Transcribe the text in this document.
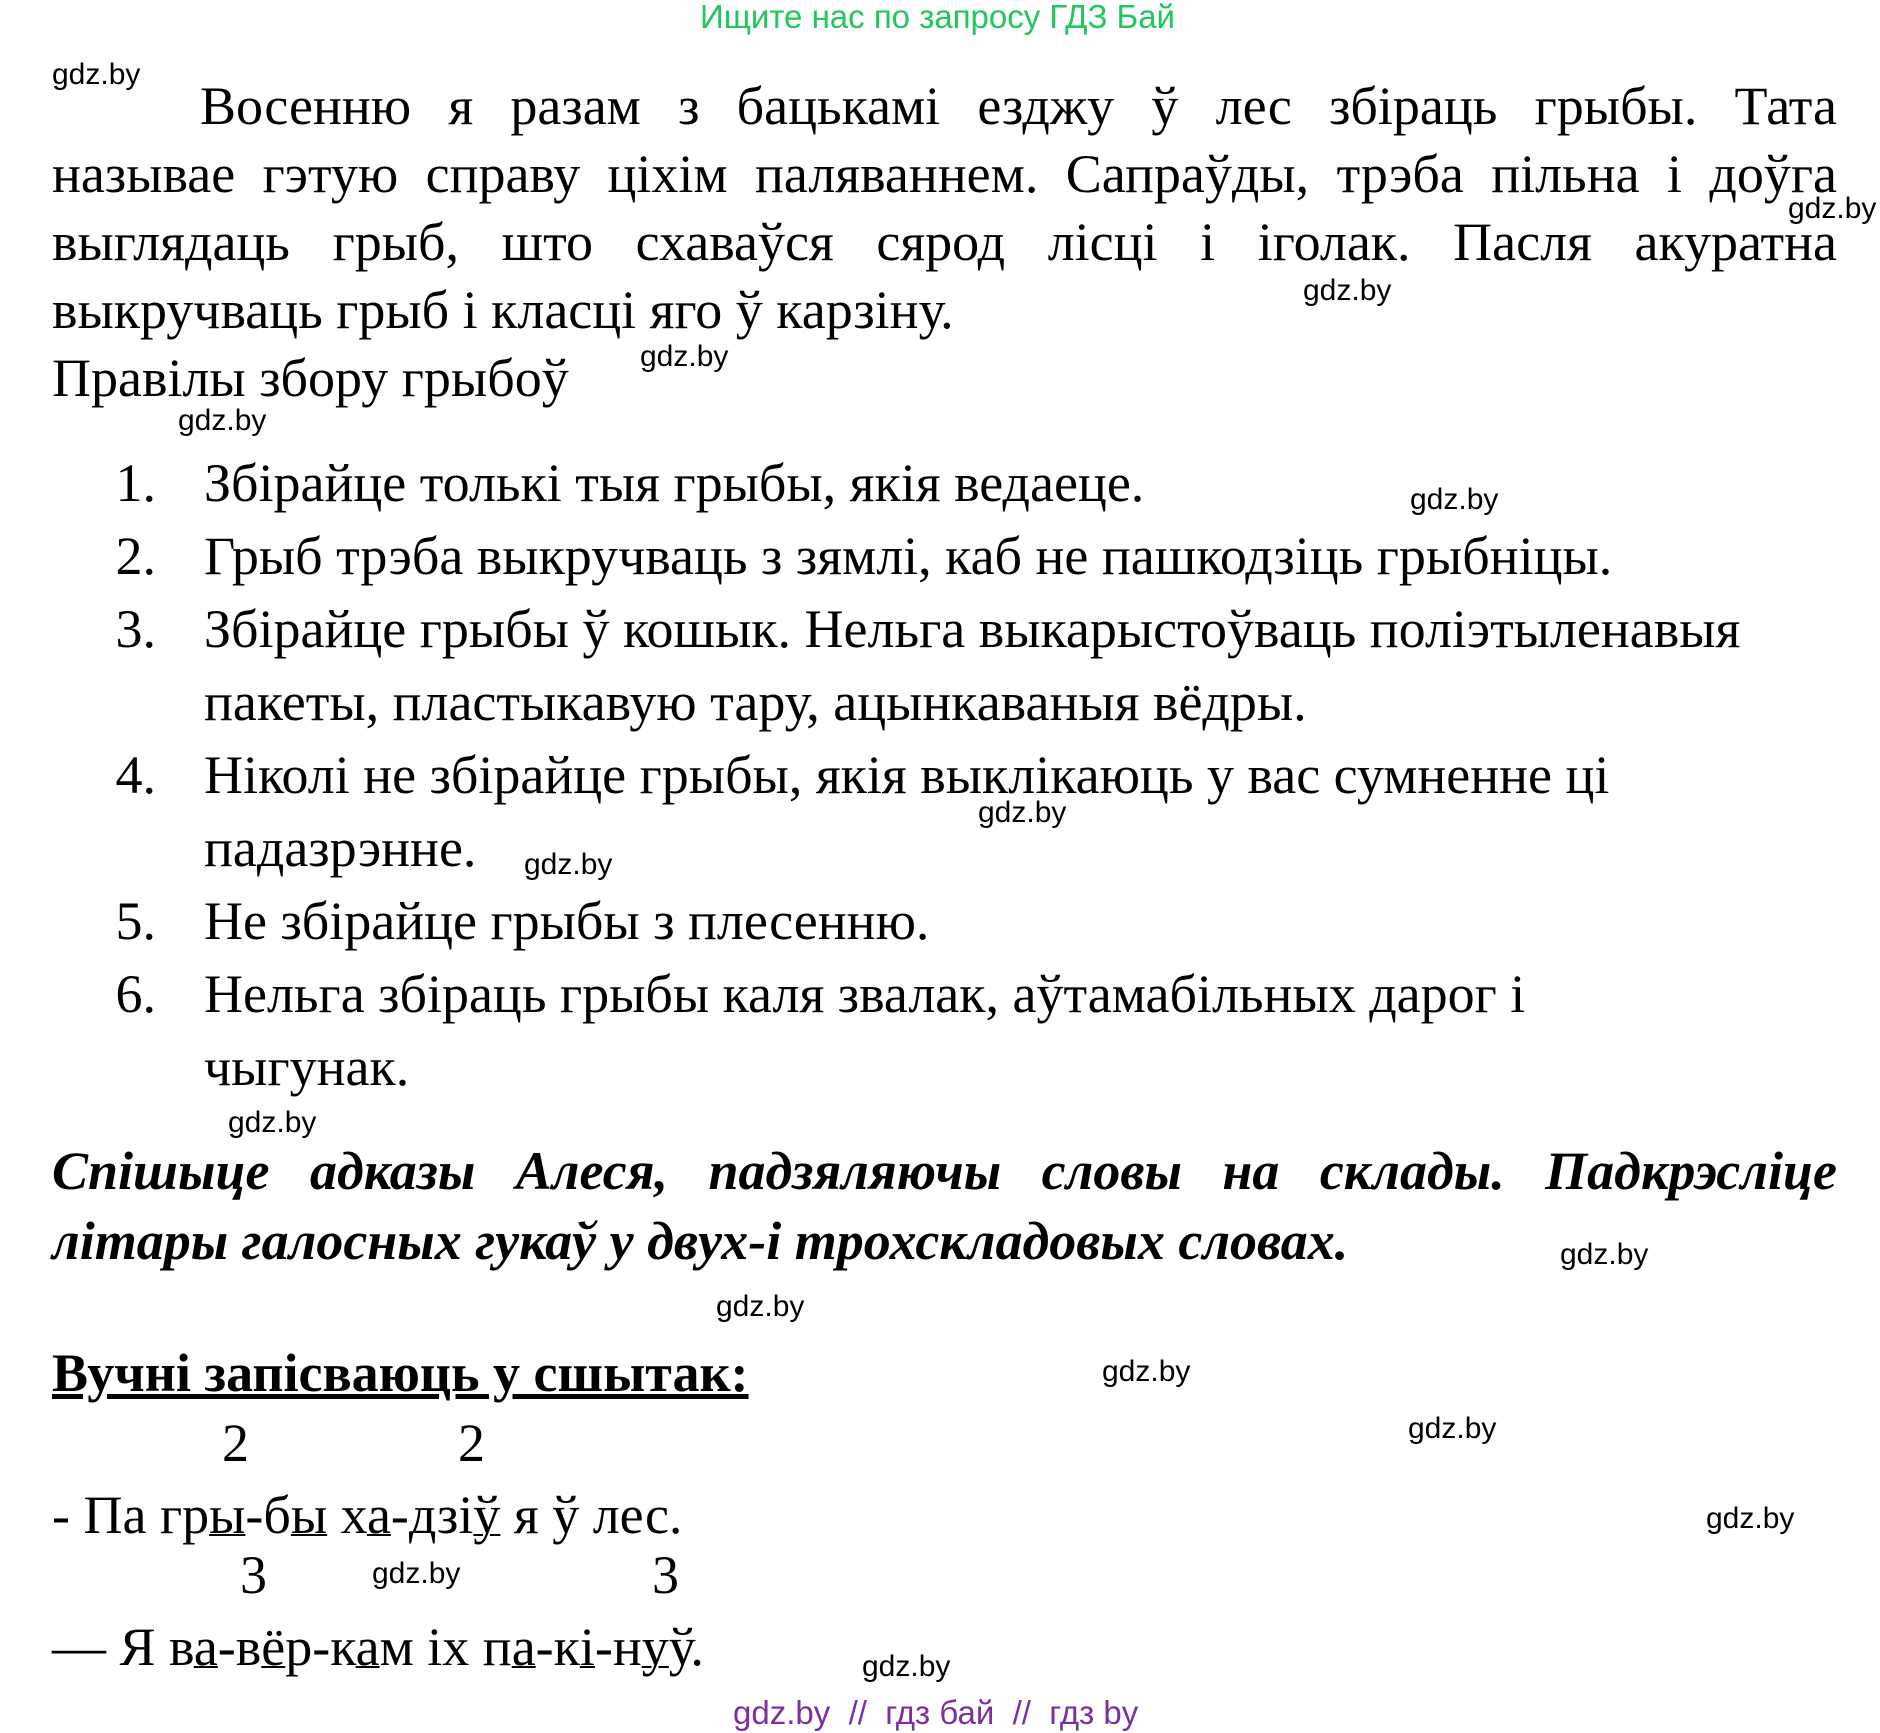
Ищите нас по запросу ГДЗ Бай
Восенню я разам з бацькамі езджу ў лес збіраць грыбы. Тата
называе гэтую справу ціхім паляваннем. Сапраўды, трэба пільна і доўга
выглядаць грыб, што схаваўся сярод лісці і іголак. Пасля акуратна
выкручваць грыб і класці яго ў карзіну.
Правілы збору грыбоў
1. Збірайце толькі тыя грыбы, якія ведаеце.
2. Грыб трэба выкручваць з зямлі, каб не пашкодзіць грыбніцы.
3. Збірайце грыбы ў кошык. Нельга выкарыстоўваць поліэтыленавыя пакеты, пластыкавую тару, ацынкаваныя вёдры.
4. Ніколі не збірайце грыбы, якія выклікаюць у вас сумненне ці падазрэнне.
5. Не збірайце грыбы з плесенню.
6. Нельга збіраць грыбы каля звалак, аўтамабільных дарог і чыгунак.
Спішыце адказы Алеся, падзяляючы словы на склады. Падкрэсліце літары галосных гукаў у двух-і трохскладовых словах.
Вучні запісваюць у сшытак:
2	2
- Па гры-бы ха-дзіў я ў лес.
3	3
— Я ва-вёр-кам іх па-кі-нуў.
gdz.by
gdz.by
gdz.by
gdz.by
gdz.by
gdz.by
gdz.by
gdz.by
gdz.by
gdz.by
gdz.by
gdz.by
gdz.by
gdz.by
gdz.by
gdz.by
gdz.by  //  гдз бай  //  гдз by
